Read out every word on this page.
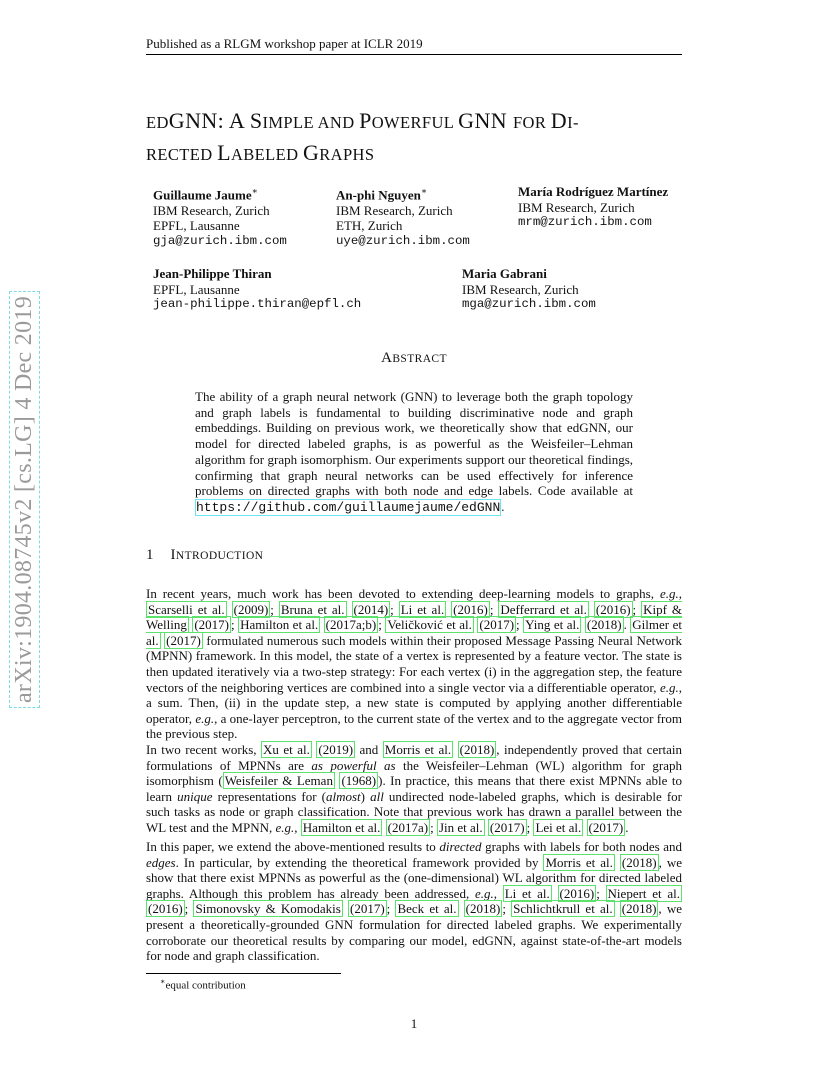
Published as a RLGM workshop paper at ICLR 2019
arXiv:1904.08745v2 [cs.LG] 4 Dec 2019
EDGNN: A SIMPLE AND POWERFUL GNN FOR DI-
RECTED LABELED GRAPHS
Guillaume Jaume∗
IBM Research, Zurich
EPFL, Lausanne
gja@zurich.ibm.com
An-phi Nguyen∗
IBM Research, Zurich
ETH, Zurich
uye@zurich.ibm.com
María Rodríguez Martínez
IBM Research, Zurich
mrm@zurich.ibm.com
Jean-Philippe Thiran
EPFL, Lausanne
jean-philippe.thiran@epfl.ch
Maria Gabrani
IBM Research, Zurich
mga@zurich.ibm.com
ABSTRACT
The ability of a graph neural network (GNN) to leverage both the graph topology and graph labels is fundamental to building discriminative node and graph embeddings. Building on previous work, we theoretically show that edGNN, our model for directed labeled graphs, is as powerful as the Weisfeiler–Lehman algorithm for graph isomorphism. Our experiments support our theoretical findings, confirming that graph neural networks can be used effectively for inference problems on directed graphs with both node and edge labels. Code available at https://github.com/guillaumejaume/edGNN.
1 INTRODUCTION
In recent years, much work has been devoted to extending deep-learning models to graphs, e.g., Scarselli et al. (2009) ; Bruna et al. (2014) ; Li et al. (2016) ; Defferrard et al. (2016) ; Kipf & Welling (2017) ; Hamilton et al. (2017a;b) ; Veličković et al. (2017) ; Ying et al. (2018) . Gilmer et al. (2017) formulated numerous such models within their proposed Message Passing Neural Network (MPNN) framework. In this model, the state of a vertex is represented by a feature vector. The state is then updated iteratively via a two-step strategy: For each vertex (i) in the aggregation step, the feature vectors of the neighboring vertices are combined into a single vector via a differentiable operator, e.g., a sum. Then, (ii) in the update step, a new state is computed by applying another differentiable operator, e.g., a one-layer perceptron, to the current state of the vertex and to the aggregate vector from the previous step.
In two recent works, Xu et al. (2019) and Morris et al. (2018) , independently proved that certain formulations of MPNNs are as powerful as the Weisfeiler–Lehman (WL) algorithm for graph isomorphism ( Weisfeiler & Leman (1968) ). In practice, this means that there exist MPNNs able to learn unique representations for (almost) all undirected node-labeled graphs, which is desirable for such tasks as node or graph classification. Note that previous work has drawn a parallel between the WL test and the MPNN, e.g., Hamilton et al. (2017a) ; Jin et al. (2017) ; Lei et al. (2017) .
In this paper, we extend the above-mentioned results to directed graphs with labels for both nodes and edges. In particular, by extending the theoretical framework provided by Morris et al. (2018) , we show that there exist MPNNs as powerful as the (one-dimensional) WL algorithm for directed labeled graphs. Although this problem has already been addressed, e.g., Li et al. (2016) ; Niepert et al. (2016) ; Simonovsky & Komodakis (2017) ; Beck et al. (2018) ; Schlichtkrull et al. (2018) , we present a theoretically-grounded GNN formulation for directed labeled graphs. We experimentally corroborate our theoretical results by comparing our model, edGNN, against state-of-the-art models for node and graph classification.
∗equal contribution
1
